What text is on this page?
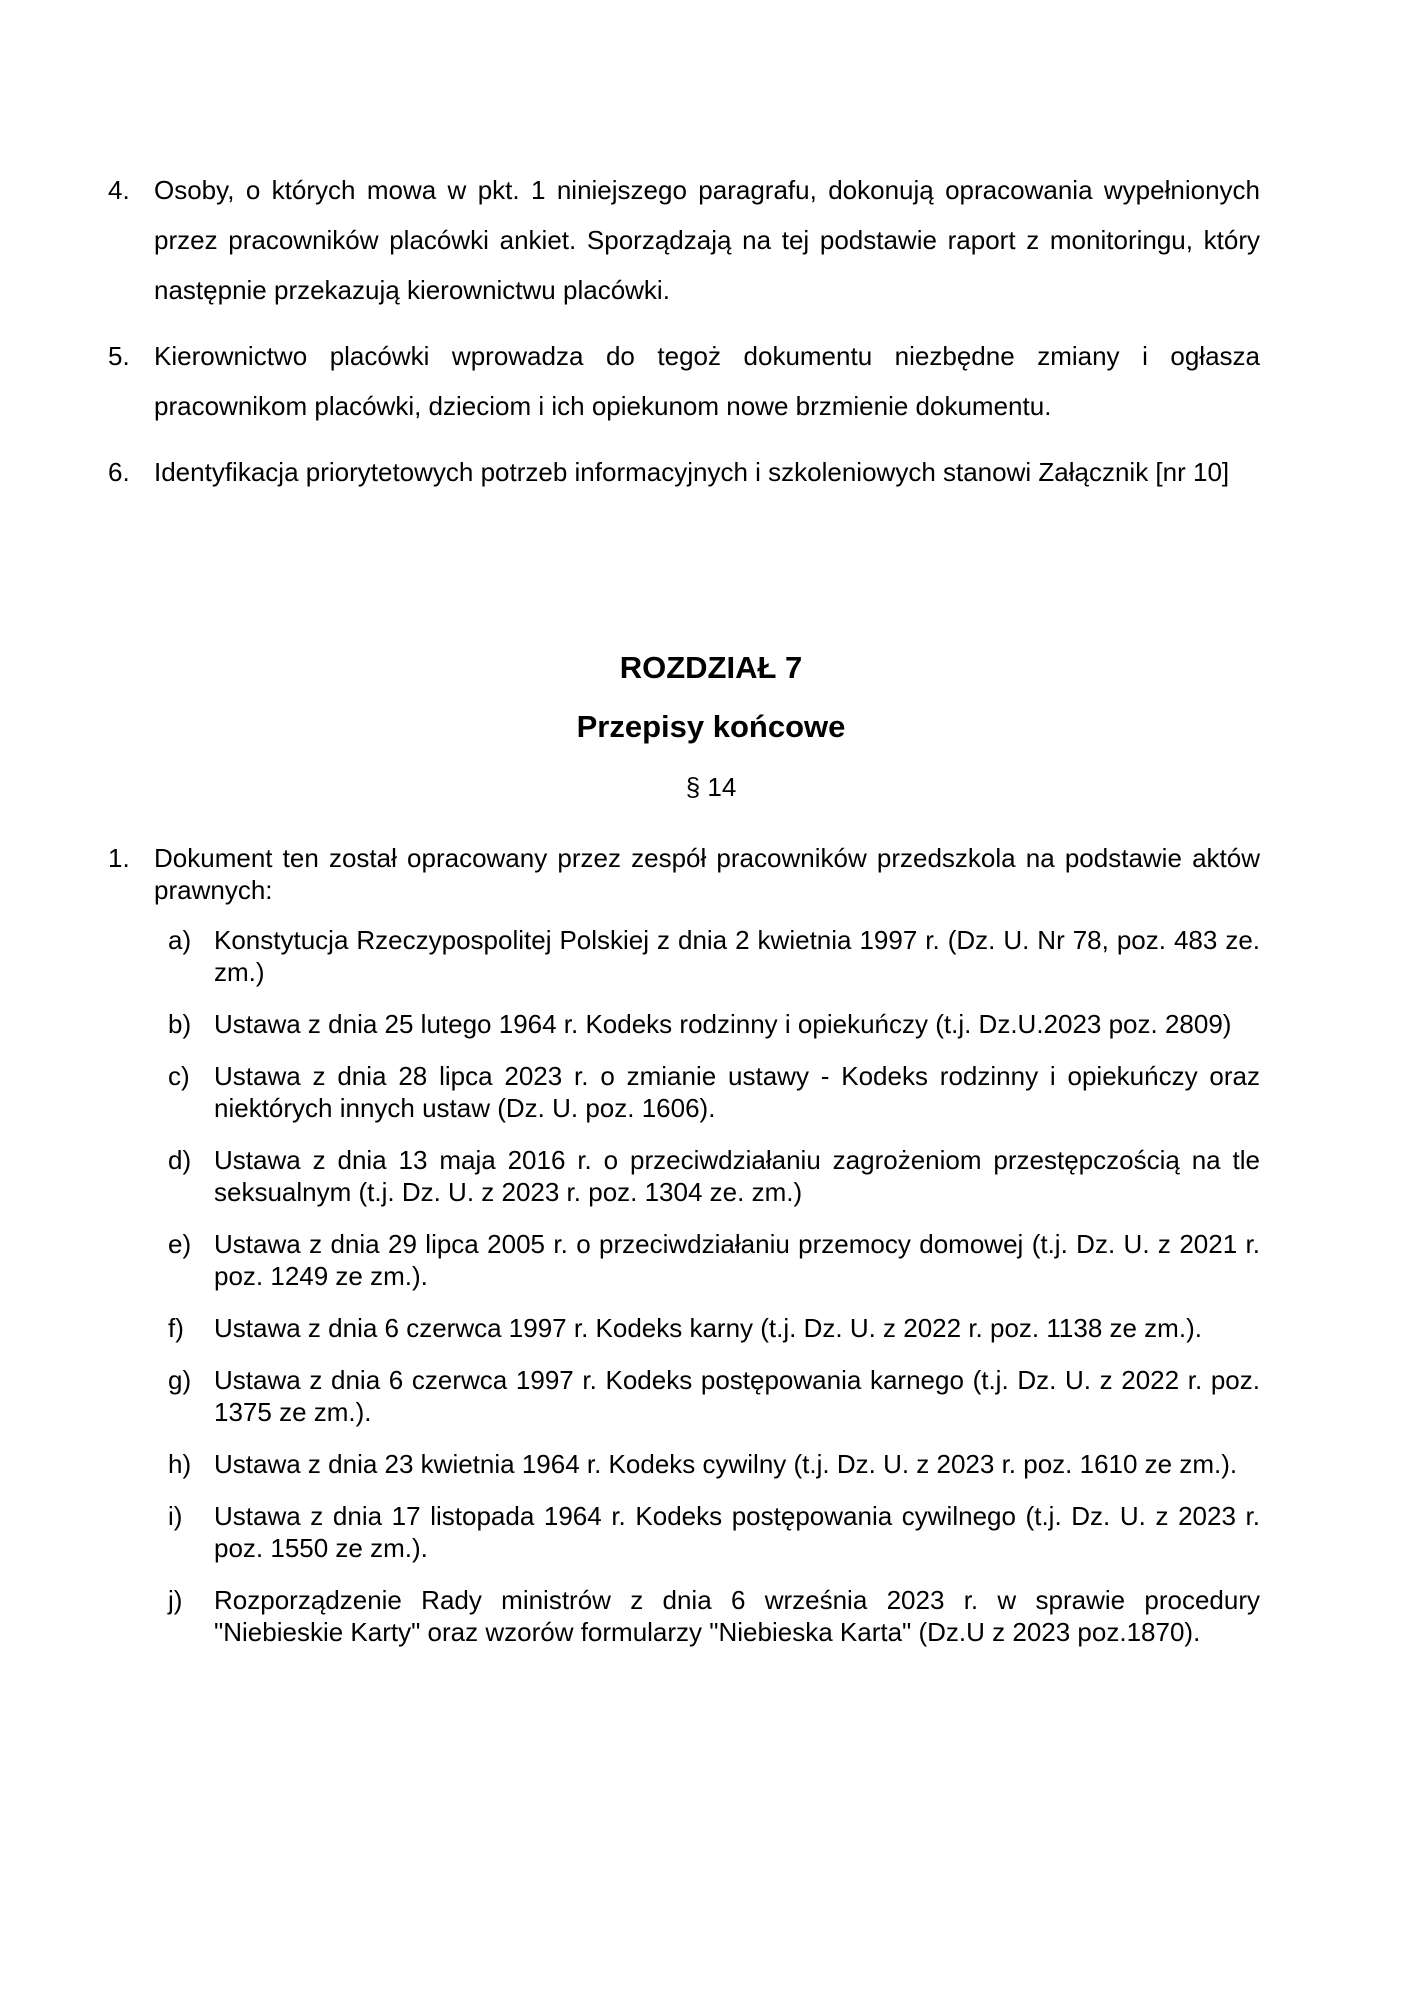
4. Osoby, o których mowa w pkt. 1 niniejszego paragrafu, dokonują opracowania wypełnionych przez pracowników placówki ankiet. Sporządzają na tej podstawie raport z monitoringu, który następnie przekazują kierownictwu placówki.
5. Kierownictwo placówki wprowadza do tegoż dokumentu niezbędne zmiany i ogłasza pracownikom placówki, dzieciom i ich opiekunom nowe brzmienie dokumentu.
6. Identyfikacja priorytetowych potrzeb informacyjnych i szkoleniowych stanowi Załącznik [nr 10]
ROZDZIAŁ 7
Przepisy końcowe
§ 14
1. Dokument ten został opracowany przez zespół pracowników przedszkola na podstawie aktów prawnych:
a) Konstytucja Rzeczypospolitej Polskiej z dnia 2 kwietnia 1997 r. (Dz. U. Nr 78, poz. 483 ze. zm.)
b) Ustawa z dnia 25 lutego 1964 r. Kodeks rodzinny i opiekuńczy (t.j. Dz.U.2023 poz. 2809)
c) Ustawa z dnia 28 lipca 2023 r. o zmianie ustawy - Kodeks rodzinny i opiekuńczy oraz niektórych innych ustaw (Dz. U. poz. 1606).
d) Ustawa z dnia 13 maja 2016 r. o przeciwdziałaniu zagrożeniom przestępczością na tle seksualnym (t.j. Dz. U. z 2023 r. poz. 1304 ze. zm.)
e) Ustawa z dnia 29 lipca 2005 r. o przeciwdziałaniu przemocy domowej (t.j. Dz. U. z 2021 r. poz. 1249 ze zm.).
f) Ustawa z dnia 6 czerwca 1997 r. Kodeks karny (t.j. Dz. U. z 2022 r. poz. 1138 ze zm.).
g) Ustawa z dnia 6 czerwca 1997 r. Kodeks postępowania karnego (t.j. Dz. U. z 2022 r. poz. 1375 ze zm.).
h) Ustawa z dnia 23 kwietnia 1964 r. Kodeks cywilny (t.j. Dz. U. z 2023 r. poz. 1610 ze zm.).
i) Ustawa z dnia 17 listopada 1964 r. Kodeks postępowania cywilnego (t.j. Dz. U. z 2023 r. poz. 1550 ze zm.).
j) Rozporządzenie Rady ministrów z dnia 6 września 2023 r. w sprawie procedury "Niebieskie Karty" oraz wzorów formularzy "Niebieska Karta" (Dz.U z 2023 poz.1870).
